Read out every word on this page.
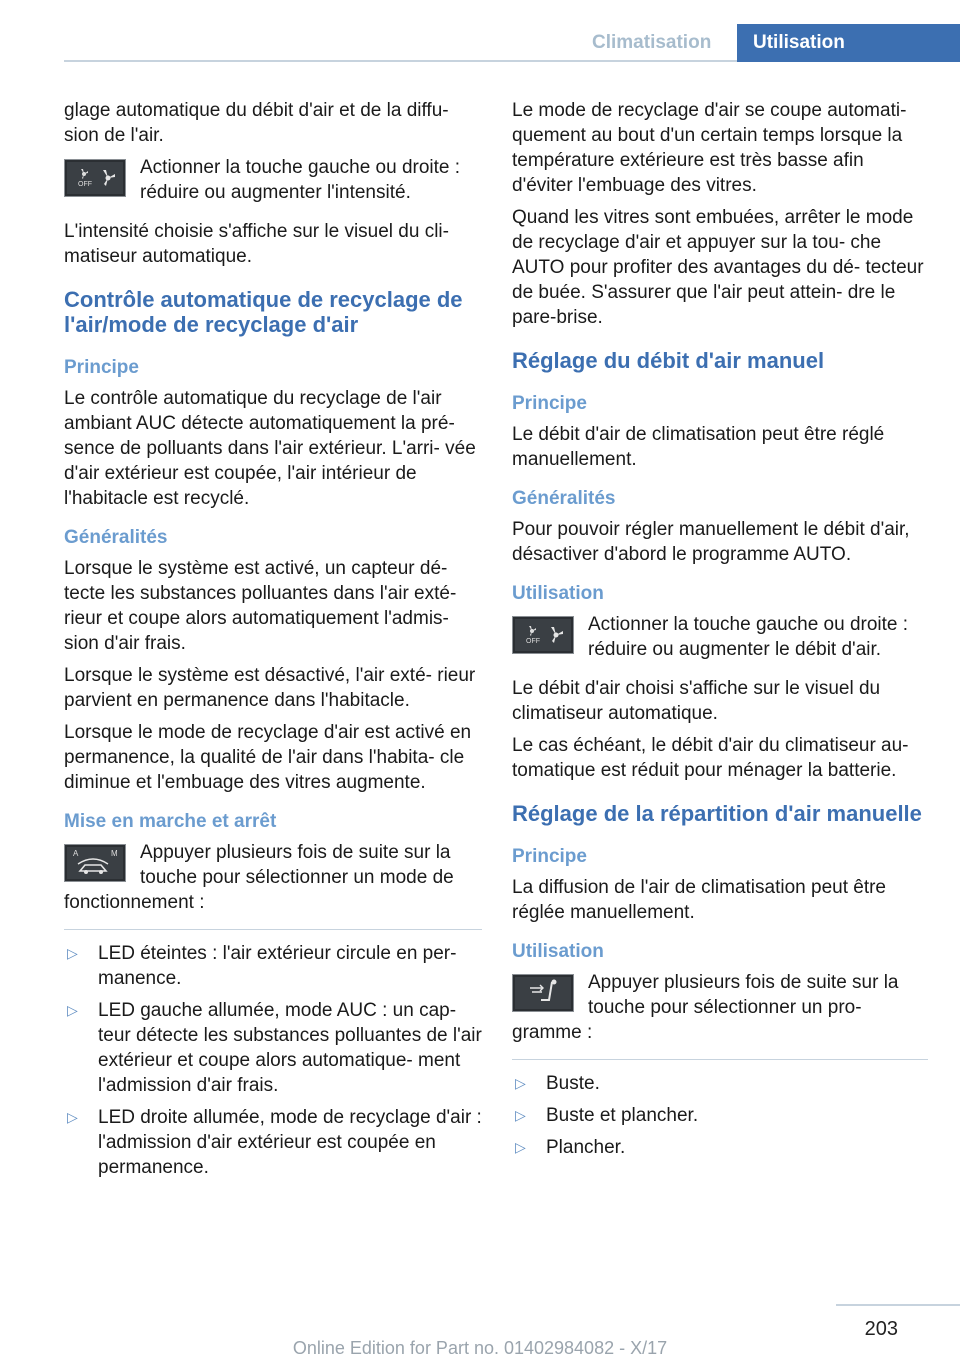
Climatisation	Utilisation

glage automatique du débit d'air et de la diffu- sion de l'air.

OFF

Actionner la touche gauche ou droite : réduire ou augmenter l'intensité.

L'intensité choisie s'affiche sur le visuel du cli- matiseur automatique.

Contrôle automatique de recyclage de l'air/mode de recyclage d'air
Principe

Le contrôle automatique du recyclage de l'air ambiant AUC détecte automatiquement la pré- sence de polluants dans l'air extérieur. L'arri- vée d'air extérieur est coupée, l'air intérieur de l'habitacle est recyclé.

Généralités

Lorsque le système est activé, un capteur dé- tecte les substances polluantes dans l'air exté- rieur et coupe alors automatiquement l'admis- sion d'air frais.

Lorsque le système est désactivé, l'air exté- rieur parvient en permanence dans l'habitacle.

Lorsque le mode de recyclage d'air est activé en permanence, la qualité de l'air dans l'habita- cle diminue et l'embuage des vitres augmente.

Mise en marche et arrêt
A	M	Appuyer plusieurs fois de suite sur la touche pour sélectionner un mode de fonctionnement :

▷ LED éteintes : l'air extérieur circule en per- manence.
▷ LED gauche allumée, mode AUC : un cap- teur détecte les substances polluantes de l'air extérieur et coupe alors automatique- ment l'admission d'air frais.
▷ LED droite allumée, mode de recyclage d'air : l'admission d'air extérieur est coupée en permanence.

Le mode de recyclage d'air se coupe automati- quement au bout d'un certain temps lorsque la température extérieure est très basse afin d'éviter l'embuage des vitres.

Quand les vitres sont embuées, arrêter le mode de recyclage d'air et appuyer sur la tou- che AUTO pour profiter des avantages du dé- tecteur de buée. S'assurer que l'air peut attein- dre le pare-brise.

Réglage du débit d'air manuel
Principe

Le débit d'air de climatisation peut être réglé manuellement.

Généralités

Pour pouvoir régler manuellement le débit d'air, désactiver d'abord le programme AUTO.

Utilisation
OFF

Actionner la touche gauche ou droite : réduire ou augmenter le débit d'air.

Le débit d'air choisi s'affiche sur le visuel du climatiseur automatique.

Le cas échéant, le débit d'air du climatiseur au- tomatique est réduit pour ménager la batterie.

Réglage de la répartition d'air manuelle
Principe

La diffusion de l'air de climatisation peut être réglée manuellement.

Utilisation

Appuyer plusieurs fois de suite sur la touche pour sélectionner un pro- gramme :

▷ Buste.
▷ Buste et plancher.
▷ Plancher.
203
Online Edition for Part no. 01402984082 - X/17
